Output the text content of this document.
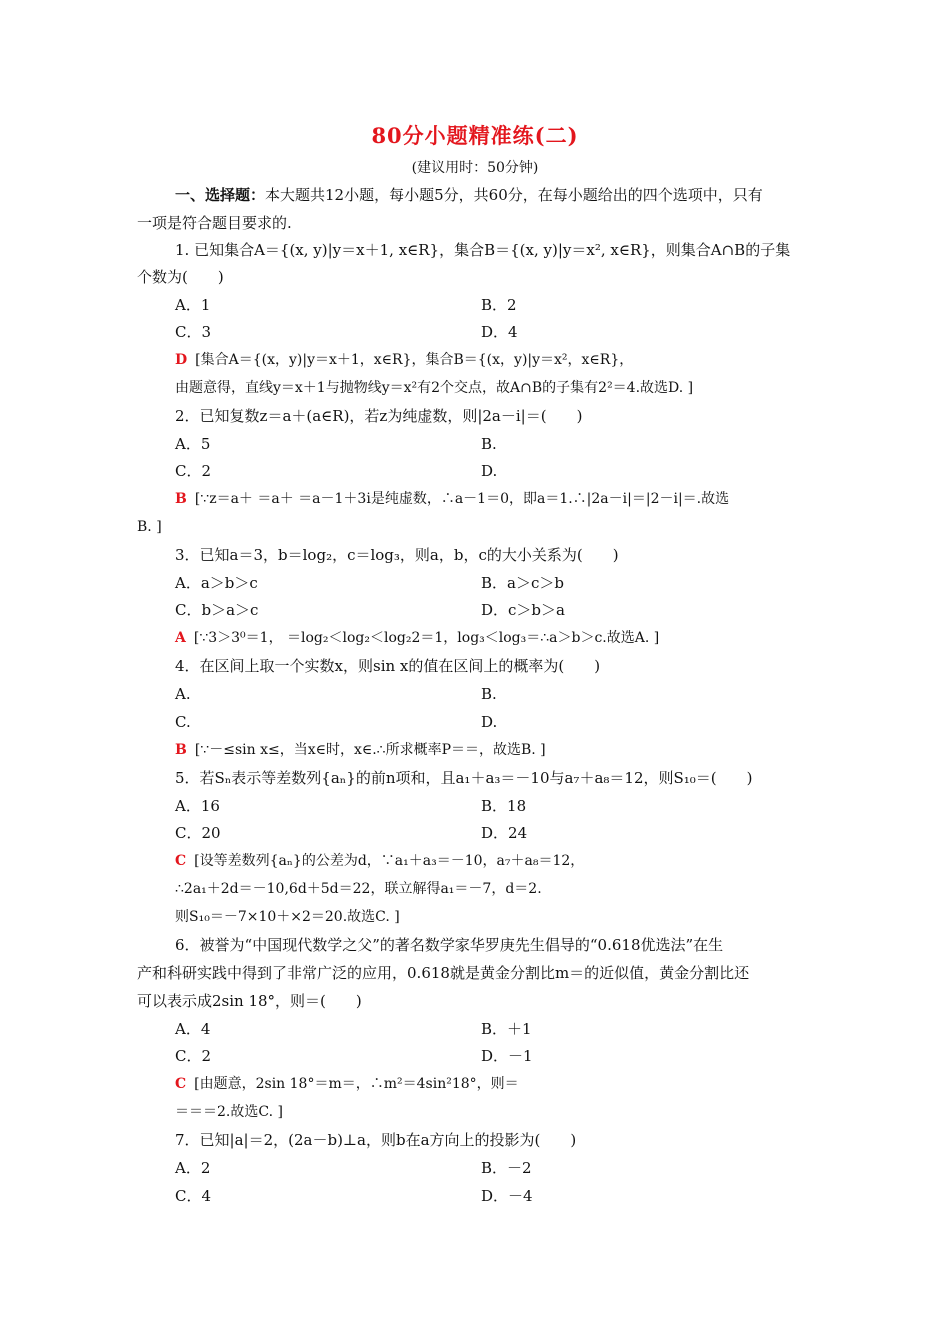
80分小题精准练(二)
(建议用时：50分钟)
一、选择题：本大题共12小题，每小题5分，共60分，在每小题给出的四个选项中，只有
一项是符合题目要求的.
1. 已知集合A＝{(x, y)|y＝x＋1, x∈R}，集合B＝{(x, y)|y＝x², x∈R}，则集合A∩B的子集
个数为(　　)
A．1	B．2
C．3	D．4
D [集合A＝{(x，y)|y＝x＋1，x∈R}，集合B＝{(x，y)|y＝x²，x∈R}，
由题意得，直线y＝x＋1与抛物线y＝x²有2个交点，故A∩B的子集有2²＝4.故选D. ]
2．已知复数z＝a＋(a∈R)，若z为纯虚数，则|2a－i|＝(　　)
A．5	B.
C．2	D.
B [∵z＝a＋ ＝a＋ ＝a－1＋3i是纯虚数，∴a－1＝0，即a＝1.∴|2a－i|＝|2－i|＝.故选
B. ]
3．已知a＝3，b＝log₂，c＝log₃，则a，b，c的大小关系为(　　)
A．a＞b＞c	B．a＞c＞b
C．b＞a＞c	D．c＞b＞a
A [∵3＞3⁰＝1， ＝log₂＜log₂＜log₂2＝1，log₃＜log₃＝∴a＞b＞c.故选A. ]
4．在区间上取一个实数x，则sin x的值在区间上的概率为(　　)
A.	B.
C.	D.
B [∵－≤sin x≤，当x∈时，x∈.∴所求概率P＝＝，故选B. ]
5．若Sₙ表示等差数列{aₙ}的前n项和，且a₁＋a₃＝－10与a₇＋a₈＝12，则S₁₀＝(　　)
A．16	B．18
C．20	D．24
C [设等差数列{aₙ}的公差为d，∵a₁＋a₃＝－10，a₇＋a₈＝12，
∴2a₁＋2d＝－10,6d＋5d＝22，联立解得a₁＝－7，d＝2.
则S₁₀＝－7×10＋×2＝20.故选C. ]
6．被誉为“中国现代数学之父”的著名数学家华罗庚先生倡导的“0.618优选法”在生
产和科研实践中得到了非常广泛的应用，0.618就是黄金分割比m＝的近似值，黄金分割比还
可以表示成2sin 18°，则＝(　　)
A．4	B．＋1
C．2	D．－1
C [由题意，2sin 18°＝m＝，∴m²＝4sin²18°，则＝
＝＝＝2.故选C. ]
7．已知|a|＝2，(2a－b)⊥a，则b在a方向上的投影为(　　)
A．2	B．－2
C．4	D．－4
